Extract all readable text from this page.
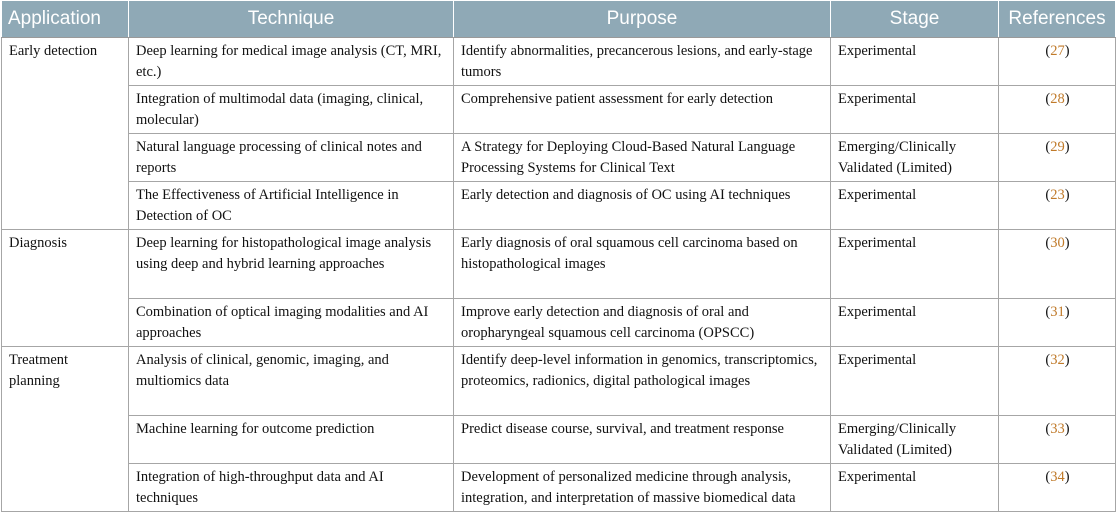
Application	Technique	Purpose	Stage	References
Early detection	Deep learning for medical image analysis (CT, MRI, etc.)	Identify abnormalities, precancerous lesions, and early-stage tumors	Experimental	(27)
	Integration of multimodal data (imaging, clinical, molecular)	Comprehensive patient assessment for early detection	Experimental	(28)
	Natural language processing of clinical notes and reports	A Strategy for Deploying Cloud-Based Natural Language Processing Systems for Clinical Text	Emerging/Clinically Validated (Limited)	(29)
	The Effectiveness of Artificial Intelligence in Detection of OC	Early detection and diagnosis of OC using AI techniques	Experimental	(23)
Diagnosis	Deep learning for histopathological image analysis using deep and hybrid learning approaches	Early diagnosis of oral squamous cell carcinoma based on histopathological images	Experimental	(30)
	Combination of optical imaging modalities and AI approaches	Improve early detection and diagnosis of oral and oropharyngeal squamous cell carcinoma (OPSCC)	Experimental	(31)
Treatment planning	Analysis of clinical, genomic, imaging, and multiomics data	Identify deep-level information in genomics, transcriptomics, proteomics, radionics, digital pathological images	Experimental	(32)
	Machine learning for outcome prediction	Predict disease course, survival, and treatment response	Emerging/Clinically Validated (Limited)	(33)
	Integration of high-throughput data and AI techniques	Development of personalized medicine through analysis, integration, and interpretation of massive biomedical data	Experimental	(34)
